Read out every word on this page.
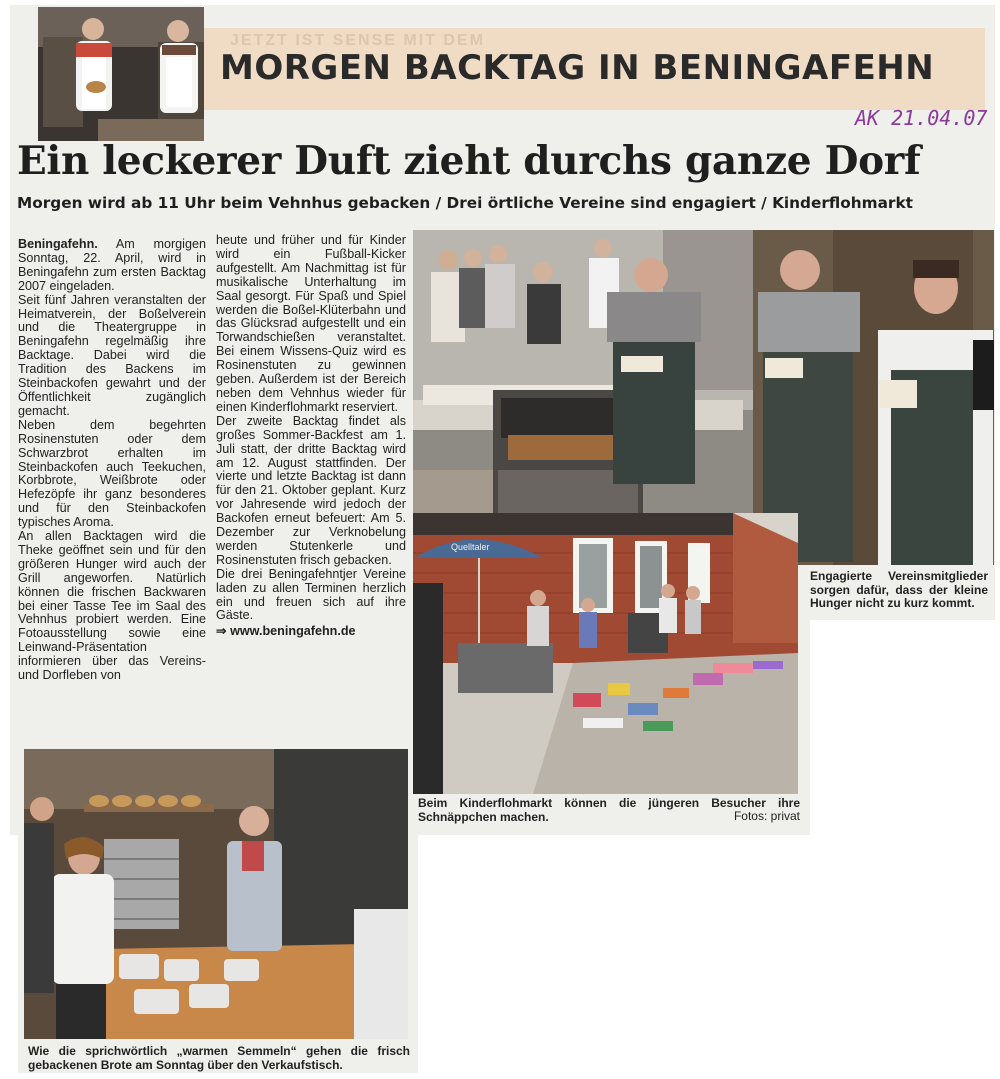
JETZT IST SENSE MIT DEM
MORGEN BACKTAG IN BENINGAFEHN
AK 21.04.07
Ein leckerer Duft zieht durchs ganze Dorf
Morgen wird ab 11 Uhr beim Vehnhus gebacken / Drei örtliche Vereine sind engagiert / Kinderflohmarkt

Beningafehn. Am morgigen Sonntag, 22. April, wird in Beningafehn zum ersten Backtag 2007 eingeladen.

Seit fünf Jahren veranstalten der Heimatverein, der Boßelverein und die Theatergruppe in Beningafehn regelmäßig ihre Backtage. Dabei wird die Tradition des Backens im Steinbackofen gewahrt und der Öffentlichkeit zugänglich gemacht.

Neben dem begehrten Rosinenstuten oder dem Schwarzbrot erhalten im Steinbackofen auch Teekuchen, Korbbrote, Weißbrote oder Hefezöpfe ihr ganz besonderes und für den Steinbackofen typisches Aroma.

An allen Backtagen wird die Theke geöffnet sein und für den größeren Hunger wird auch der Grill angeworfen. Natürlich können die frischen Backwaren bei einer Tasse Tee im Saal des Vehnhus probiert werden. Eine Fotoausstellung sowie eine Leinwand-Präsentation informieren über das Vereins- und Dorfleben von

heute und früher und für Kinder wird ein Fußball-Kicker aufgestellt. Am Nachmittag ist für musikalische Unterhaltung im Saal gesorgt. Für Spaß und Spiel werden die Boßel-Klüterbahn und das Glücksrad aufgestellt und ein Torwandschießen veranstaltet. Bei einem Wissens-Quiz wird es Rosinenstuten zu gewinnen geben. Außerdem ist der Bereich neben dem Vehnhus wieder für einen Kinderflohmarkt reserviert.

Der zweite Backtag findet als großes Sommer-Backfest am 1. Juli statt, der dritte Backtag wird am 12. August stattfinden. Der vierte und letzte Backtag ist dann für den 21. Oktober geplant. Kurz vor Jahresende wird jedoch der Backofen erneut befeuert: Am 5. Dezember zur Verknobelung werden Stutenkerle und Rosinenstuten frisch gebacken.

Die drei Beningafehntjer Vereine laden zu allen Terminen herzlich ein und freuen sich auf ihre Gäste.

⇒ www.beningafehn.de

Engagierte Vereinsmitglieder sorgen dafür, dass der kleine Hunger nicht zu kurz kommt.
Quelltaler
Beim Kinderflohmarkt können die jüngeren Besucher ihre Schnäppchen machen.	Fotos: privat
Wie die sprichwörtlich „warmen Semmeln“ gehen die frisch gebackenen Brote am Sonntag über den Verkaufstisch.
